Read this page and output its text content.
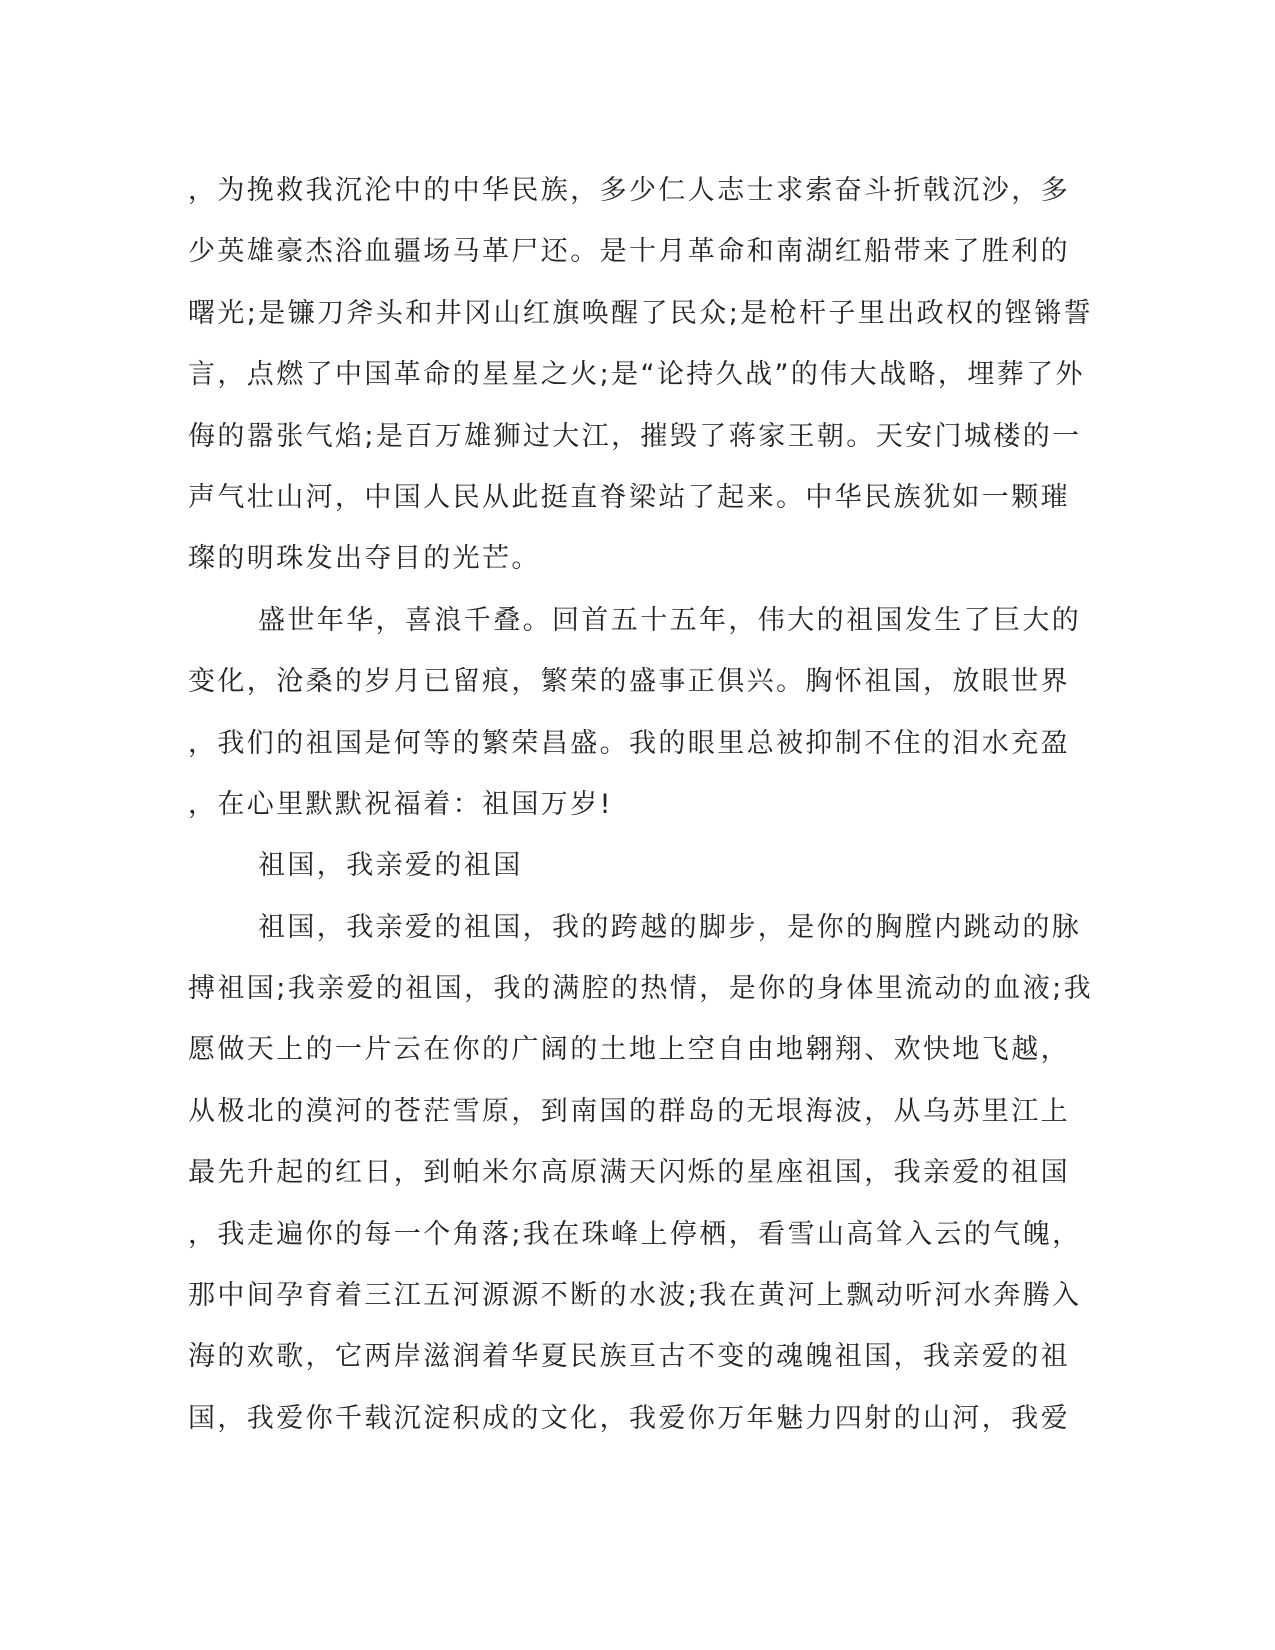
，为挽救我沉沦中的中华民族，多少仁人志士求索奋斗折戟沉沙，多
少英雄豪杰浴血疆场马革尸还。是十月革命和南湖红船带来了胜利的
曙光;是镰刀斧头和井冈山红旗唤醒了民众;是枪杆子里出政权的铿锵誓
言，点燃了中国革命的星星之火;是“论持久战”的伟大战略，埋葬了外
侮的嚣张气焰;是百万雄狮过大江，摧毁了蒋家王朝。天安门城楼的一
声气壮山河，中国人民从此挺直脊梁站了起来。中华民族犹如一颗璀
璨的明珠发出夺目的光芒。
盛世年华，喜浪千叠。回首五十五年，伟大的祖国发生了巨大的
变化，沧桑的岁月已留痕，繁荣的盛事正俱兴。胸怀祖国，放眼世界
，我们的祖国是何等的繁荣昌盛。我的眼里总被抑制不住的泪水充盈
，在心里默默祝福着：祖国万岁!
祖国，我亲爱的祖国
祖国，我亲爱的祖国，我的跨越的脚步，是你的胸膛内跳动的脉
搏祖国;我亲爱的祖国，我的满腔的热情，是你的身体里流动的血液;我
愿做天上的一片云在你的广阔的土地上空自由地翱翔、欢快地飞越，
从极北的漠河的苍茫雪原，到南国的群岛的无垠海波，从乌苏里江上
最先升起的红日，到帕米尔高原满天闪烁的星座祖国，我亲爱的祖国
，我走遍你的每一个角落;我在珠峰上停栖，看雪山高耸入云的气魄，
那中间孕育着三江五河源源不断的水波;我在黄河上飘动听河水奔腾入
海的欢歌，它两岸滋润着华夏民族亘古不变的魂魄祖国，我亲爱的祖
国，我爱你千载沉淀积成的文化，我爱你万年魅力四射的山河，我爱
